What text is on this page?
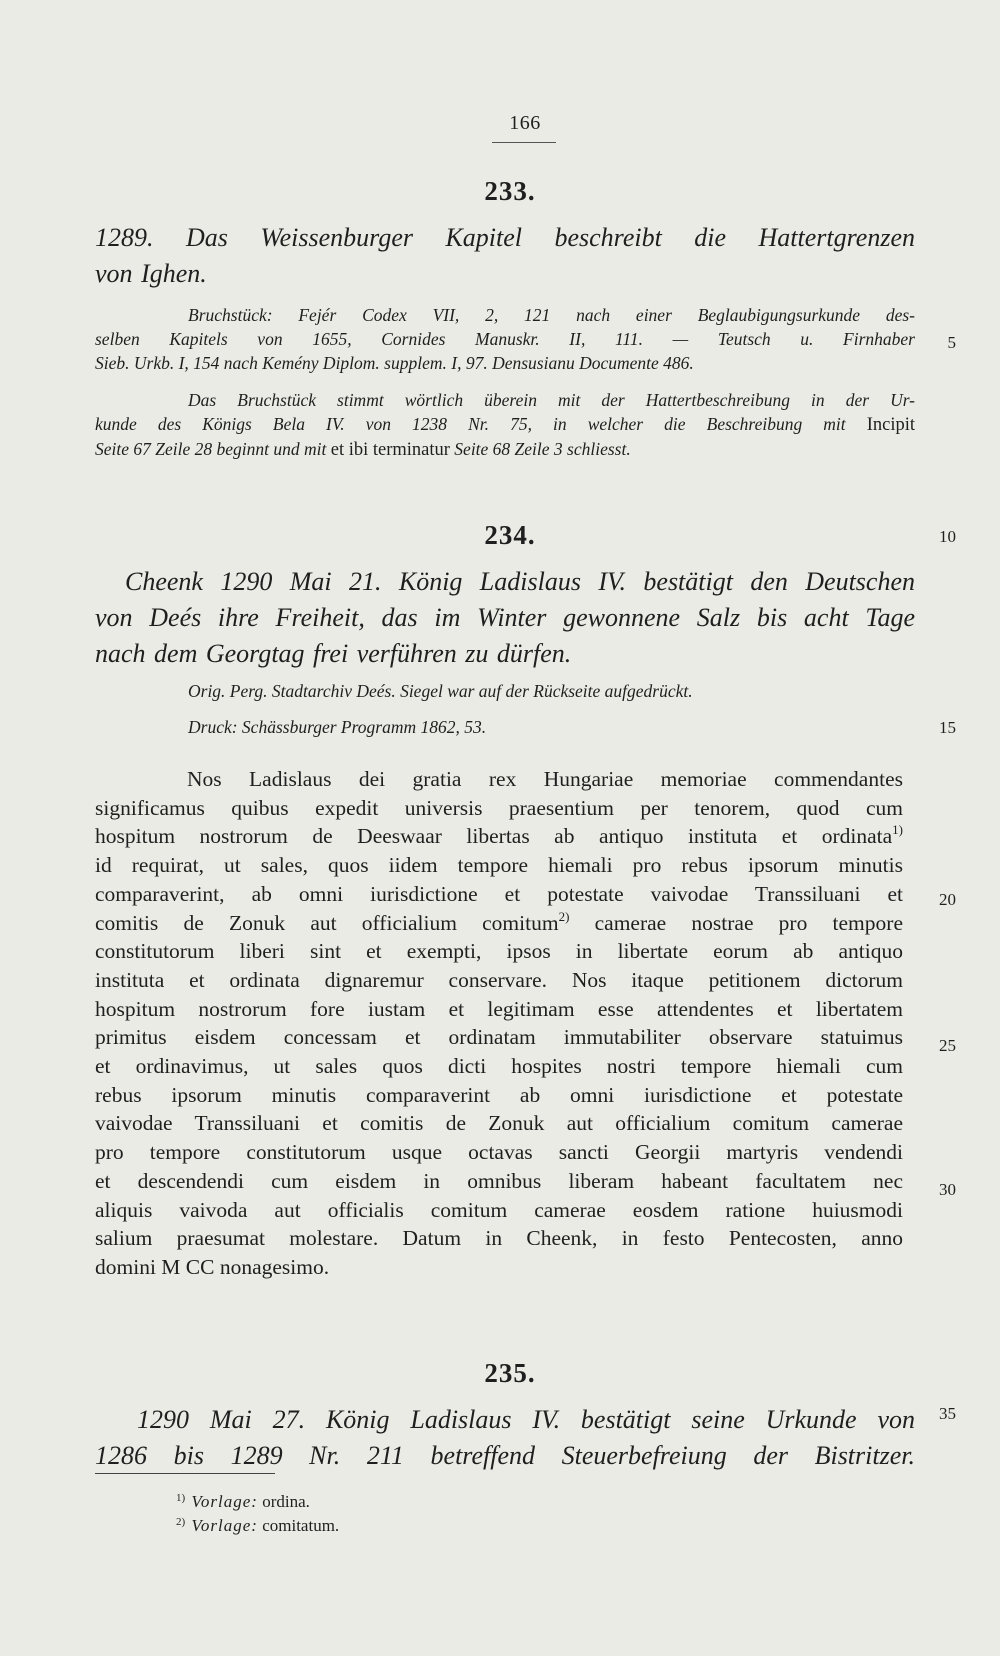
166
233.
1289. Das Weissenburger Kapitel beschreibt die Hattertgrenzen
von Ighen.
Bruchstück: Fejér Codex VII, 2, 121 nach einer Beglaubigungsurkunde des-
selben Kapitels von 1655, Cornides Manuskr. II, 111. — Teutsch u. Firnhaber
Sieb. Urkb. I, 154 nach Kemény Diplom. supplem. I, 97. Densusianu Documente 486.
Das Bruchstück stimmt wörtlich überein mit der Hattertbeschreibung in der Ur-
kunde des Königs Bela IV. von 1238 Nr. 75, in welcher die Beschreibung mit Incipit
Seite 67 Zeile 28 beginnt und mit et ibi terminatur Seite 68 Zeile 3 schliesst.
234.
Cheenk 1290 Mai 21. König Ladislaus IV. bestätigt den Deutschen
von Deés ihre Freiheit, das im Winter gewonnene Salz bis acht Tage
nach dem Georgtag frei verführen zu dürfen.
Orig. Perg. Stadtarchiv Deés. Siegel war auf der Rückseite aufgedrückt.
Druck: Schässburger Programm 1862, 53.
Nos Ladislaus dei gratia rex Hungariae memoriae commendantes
significamus quibus expedit universis praesentium per tenorem, quod cum
hospitum nostrorum de Deeswaar libertas ab antiquo instituta et ordinata$^{1)}$
id requirat, ut sales, quos iidem tempore hiemali pro rebus ipsorum minutis
comparaverint, ab omni iurisdictione et potestate vaivodae Transsiluani et
comitis de Zonuk aut officialium comitum$^{2)}$ camerae nostrae pro tempore
constitutorum liberi sint et exempti, ipsos in libertate eorum ab antiquo
instituta et ordinata dignaremur conservare. Nos itaque petitionem dictorum
hospitum nostrorum fore iustam et legitimam esse attendentes et libertatem
primitus eisdem concessam et ordinatam immutabiliter observare statuimus
et ordinavimus, ut sales quos dicti hospites nostri tempore hiemali cum
rebus ipsorum minutis comparaverint ab omni iurisdictione et potestate
vaivodae Transsiluani et comitis de Zonuk aut officialium comitum camerae
pro tempore constitutorum usque octavas sancti Georgii martyris vendendi
et descendendi cum eisdem in omnibus liberam habeant facultatem nec
aliquis vaivoda aut officialis comitum camerae eosdem ratione huiusmodi
salium praesumat molestare. Datum in Cheenk, in festo Pentecosten, anno
domini M CC nonagesimo.
235.
1290 Mai 27. König Ladislaus IV. bestätigt seine Urkunde von
1286 bis 1289 Nr. 211 betreffend Steuerbefreiung der Bistritzer.
$^{1)}$ Vorlage: ordina.
$^{2)}$ Vorlage: comitatum.
5
10
15
20
25
30
35
